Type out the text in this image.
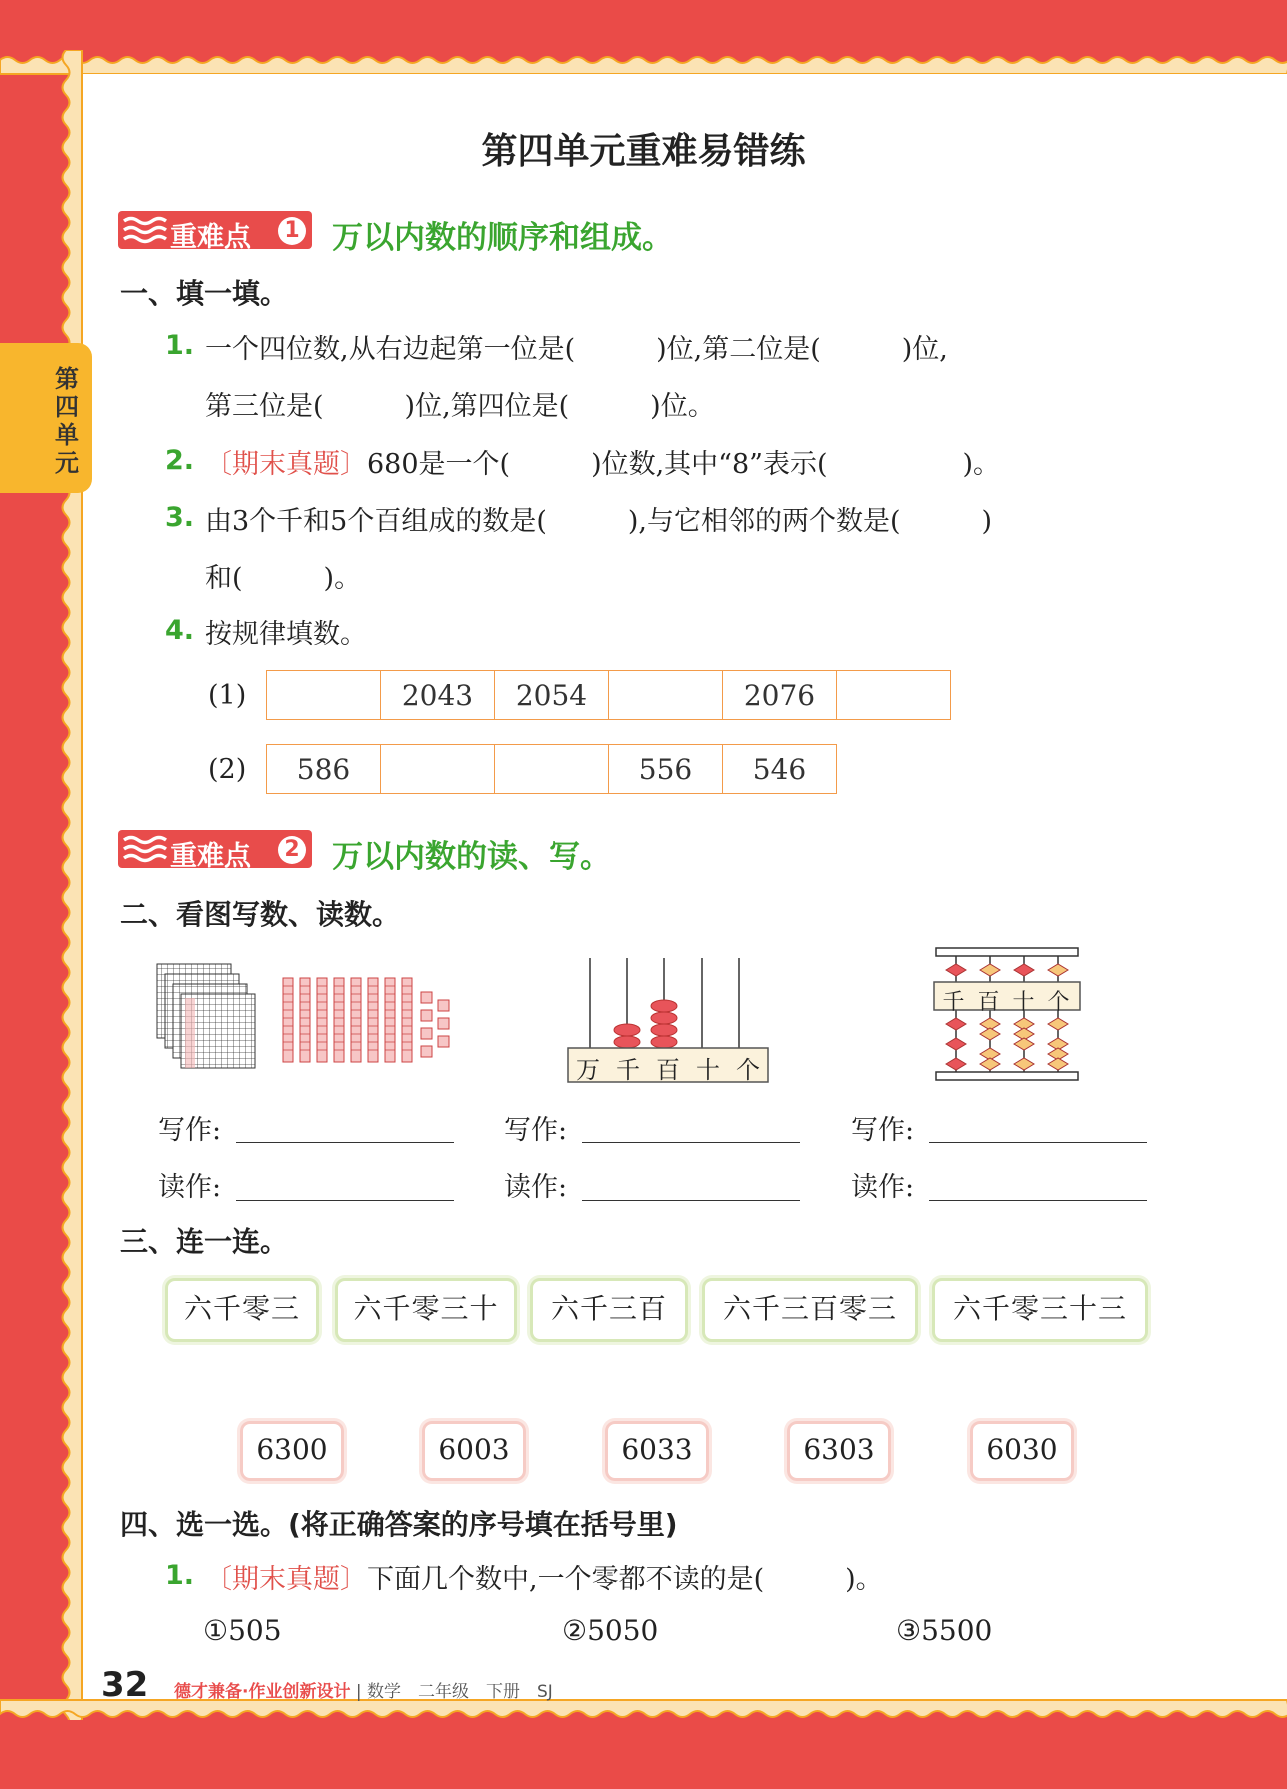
第四单元
第四单元重难易错练
重难点 1 万以内数的顺序和组成。
一、填一填。
1. 一个四位数,从右边起第一位是(　　　)位,第二位是(　　　)位,
第三位是(　　　)位,第四位是(　　　)位。
2. 〔期末真题〕680是一个(　　　)位数,其中“8”表示(　　　　　)。
3. 由3个千和5个百组成的数是(　　　),与它相邻的两个数是(　　　)
和(　　　)。
4. 按规律填数。
(1)
		2043	2054		2076	
(2) 586			556	546
重难点 2 万以内数的读、写。
二、看图写数、读数。
万 千 百 十 个
千 百 十 个
写作:
读作:
写作:
读作:
写作:
读作:
三、连一连。
六千零三	六千零三十	六千三百	六千三百零三	六千零三十三
6300	6003	6033	6303	6030
四、选一选。(将正确答案的序号填在括号里)
1. 〔期末真题〕下面几个数中,一个零都不读的是(　　　)。
①505	②5050	③5500
32 德才兼备·作业创新设计 | 数学　二年级　下册　SJ
